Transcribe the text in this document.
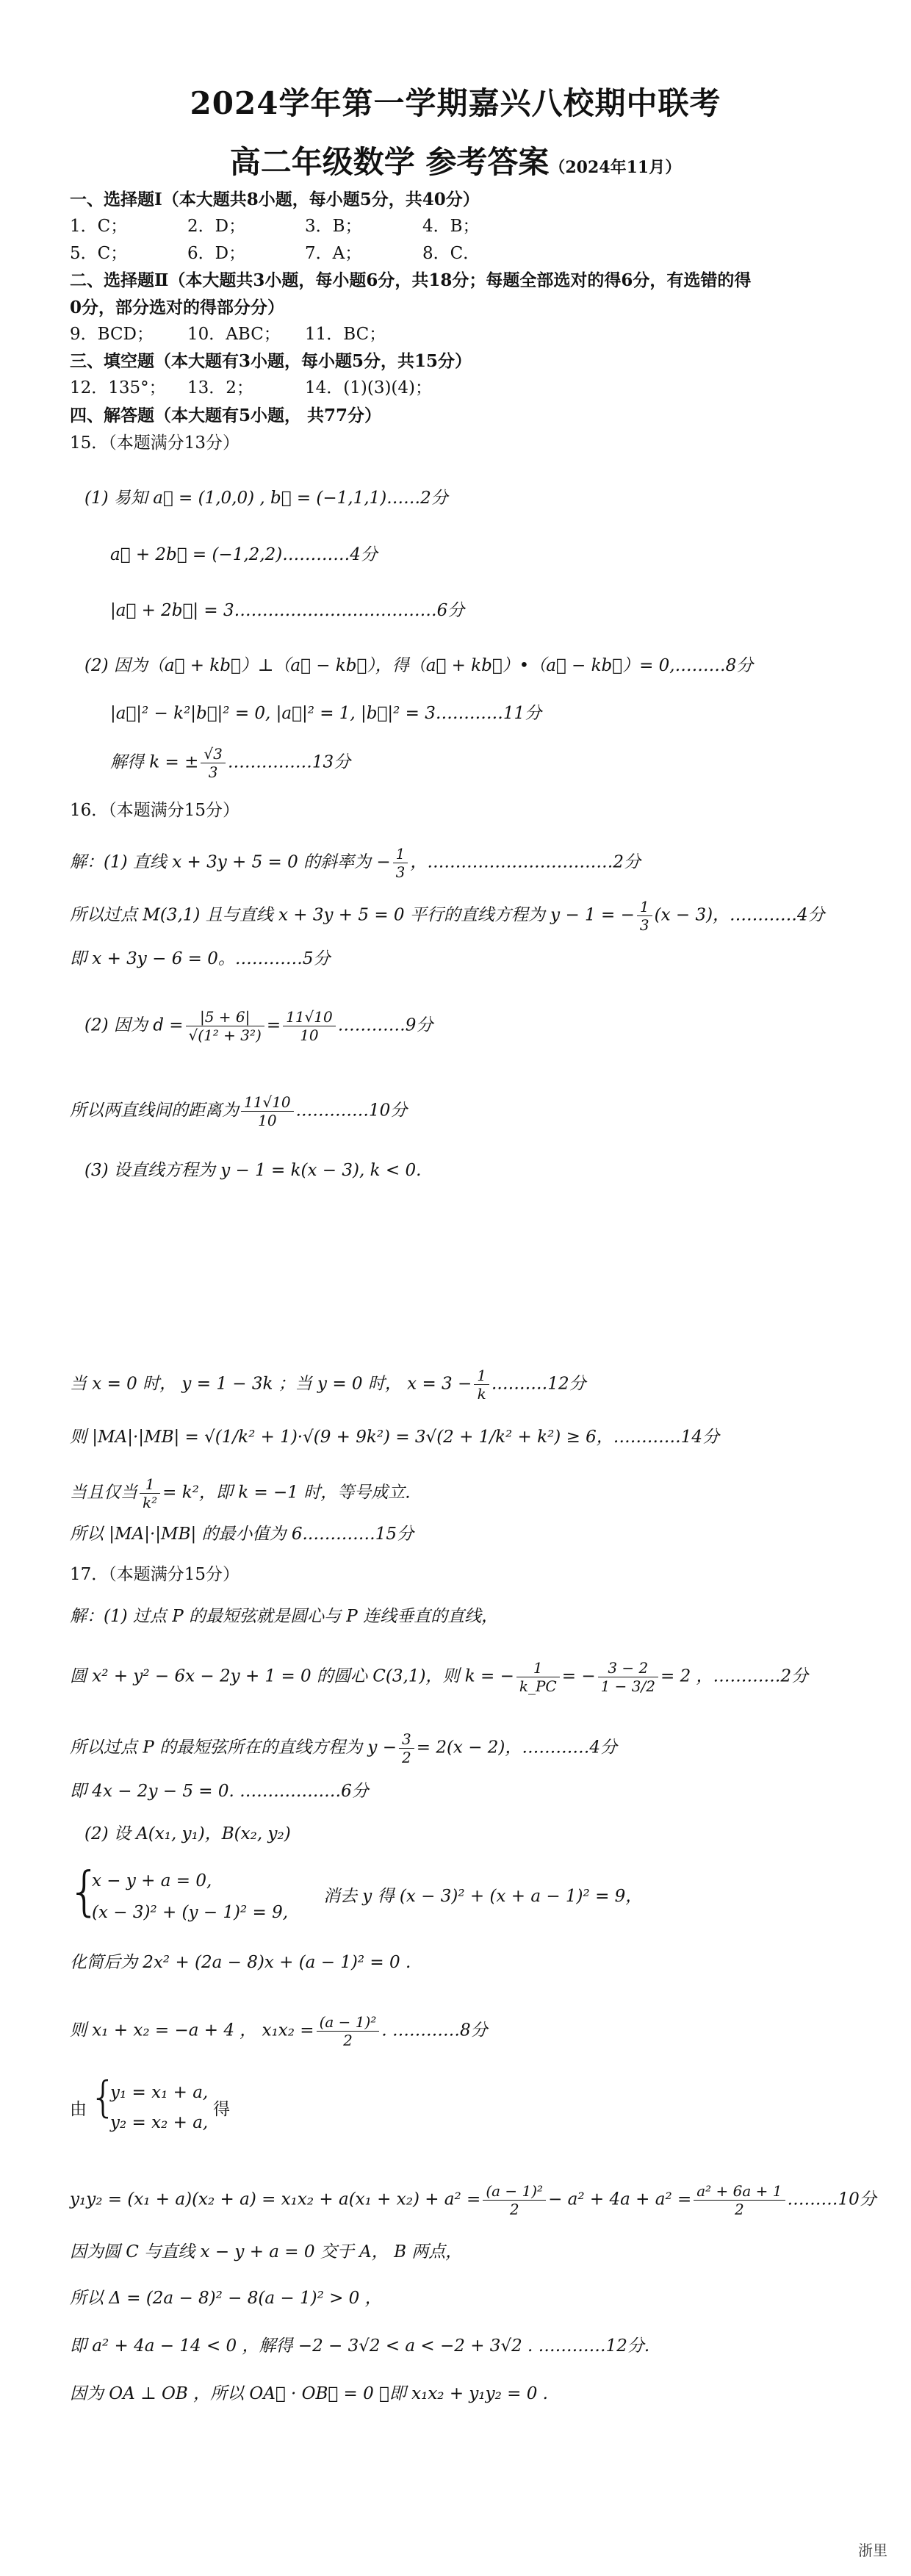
2024学年第一学期嘉兴八校期中联考
高二年级数学 参考答案（2024年11月）
一、选择题Ⅰ（本大题共8小题，每小题5分，共40分）
1．C；	2．D；	3．B；	4．B；
5．C；	6．D；	7．A；	8．C．
二、选择题Ⅱ（本大题共3小题，每小题6分，共18分；每题全部选对的得6分，有选错的得
0分，部分选对的得部分分）
9．BCD； 10．ABC； 11．BC；
三、填空题（本大题有3小题，每小题5分，共15分）
12．135°； 13．2；	14．(1)(3)(4)；
四、解答题（本大题有5小题， 共77分）
15．（本题满分13分）
(1) 易知 a⃗ = (1,0,0) , b⃗ = (−1,1,1)……2分
a⃗ + 2b⃗ = (−1,2,2)…………4分
|a⃗ + 2b⃗| = 3………………………………6分
(2) 因为（a⃗ + kb⃗）⊥（a⃗ − kb⃗），得（a⃗ + kb⃗）•（a⃗ − kb⃗）= 0,………8分
|a⃗|² − k²|b⃗|² = 0, |a⃗|² = 1, |b⃗|² = 3…………11分
解得 k = ± $\frac{√3}{3}$ ……………13分
16．（本题满分15分）
解：(1) 直线 x + 3y + 5 = 0 的斜率为 − $\frac{1}{3}$ ，……………………………2分
所以过点 M(3,1) 且与直线 x + 3y + 5 = 0 平行的直线方程为 y − 1 = − $\frac{1}{3} (x - 3)$，…………4分
即 x + 3y − 6 = 0。…………5分
(2) 因为 $d = \frac{|5 + 6|}{\text{√(1² + 3²)}} = \frac{11√10}{10}$ …………9分
所以两直线间的距离为 $\frac{11√10}{10}$ .…………10分
(3) 设直线方程为 y − 1 = k(x − 3), k < 0.
当 x = 0 时， y = 1 − 3k ；当 y = 0 时， $x = 3 - \frac{1}{k}$ .………12分
则 |MA|·|MB| = √(1/k² + 1)·√(9 + 9k²) = 3√(2 + 1/k² + k²) ≥ 6，…………14分
当且仅当 $\frac{1}{\text{k²}} = k^2$，即 k = −1 时，等号成立.
所以 |MA|·|MB| 的最小值为 6.…………15分
17．（本题满分15分）
解：(1) 过点 P 的最短弦就是圆心与 P 连线垂直的直线，
圆 x² + y² − 6x − 2y + 1 = 0 的圆心 C(3,1)，则 k = − $\frac{1}{k\_PC}$ = − $\frac{3 - 2}{1 - 3/2} = 2$ ，…………2分
所以过点 P 的最短弦所在的直线方程为 $y - \frac{3}{2} = 2(x - 2)$，…………4分
即 4x − 2y − 5 = 0. ………………6分
(2) 设 A(x₁, y₁)，B(x₂, y₂)
{
x − y + a = 0,
(x − 3)² + (y − 1)² = 9,
消去 y 得 (x − 3)² + (x + a − 1)² = 9，
化简后为 2x² + (2a − 8)x + (a − 1)² = 0 .
则 x₁ + x₂ = −a + 4 ， $x_1x_2 = \frac{\text{(a − 1)²}}{2}$ . …………8分
由 {
y₁ = x₁ + a,
y₂ = x₂ + a,
得
$y_1y_2 = (x_1 + a)(x_2 + a) = x_1x_2 + a(x_1 + x_2) + a^2 = \frac{\text{(a − 1)²}}{2} - a^2 + 4a + a^2 = \frac{\text{a² + 6a + 1}}{2}$ ………10分
因为圆 C 与直线 x − y + a = 0 交于 A， B 两点，
所以 Δ = (2a − 8)² − 8(a − 1)² > 0 ，
即 a² + 4a − 14 < 0 ，解得 −2 − 3√2 < a < −2 + 3√2 . …………12分.
因为 OA ⊥ OB ，所以 OA⃗ · OB⃗ = 0 ，即 x₁x₂ + y₁y₂ = 0 .
浙里
